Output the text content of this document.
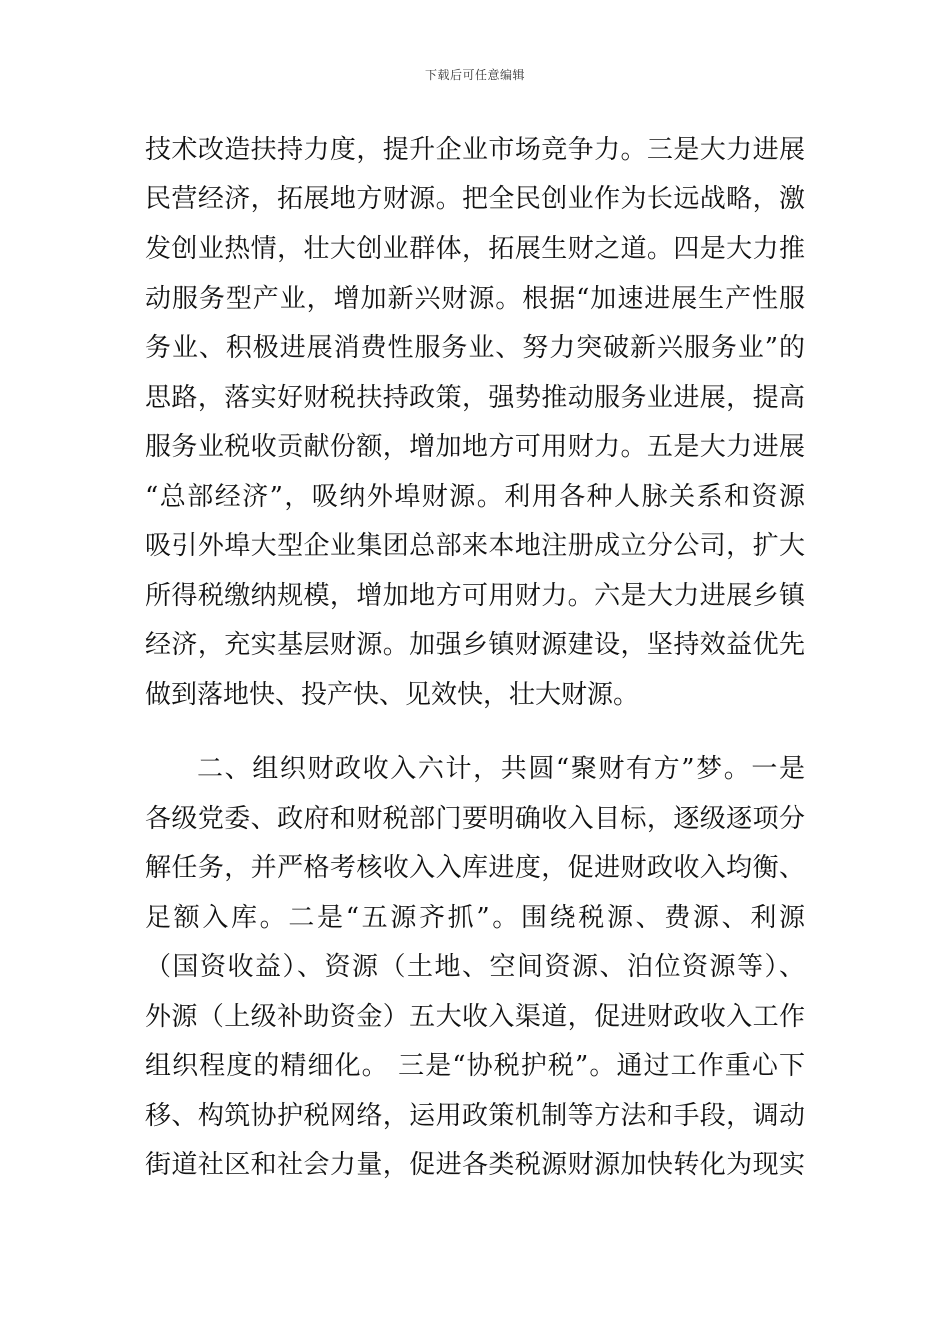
下载后可任意编辑
技术改造扶持力度，提升企业市场竞争力。三是大力进展
民营经济，拓展地方财源。把全民创业作为长远战略，激
发创业热情，壮大创业群体，拓展生财之道。四是大力推
动服务型产业，增加新兴财源。根据“加速进展生产性服
务业、积极进展消费性服务业、努力突破新兴服务业”的
思路，落实好财税扶持政策，强势推动服务业进展，提高
服务业税收贡献份额，增加地方可用财力。五是大力进展
“总部经济”，吸纳外埠财源。利用各种人脉关系和资源
吸引外埠大型企业集团总部来本地注册成立分公司，扩大
所得税缴纳规模，增加地方可用财力。六是大力进展乡镇
经济，充实基层财源。加强乡镇财源建设，坚持效益优先
做到落地快、投产快、见效快，壮大财源。
二、组织财政收入六计，共圆“聚财有方”梦。一是
各级党委、政府和财税部门要明确收入目标，逐级逐项分
解任务，并严格考核收入入库进度，促进财政收入均衡、
足额入库。二是“五源齐抓”。围绕税源、费源、利源
（国资收益）、资源（土地、空间资源、泊位资源等）、
外源（上级补助资金）五大收入渠道，促进财政收入工作
组织程度的精细化。 三是“协税护税”。通过工作重心下
移、构筑协护税网络，运用政策机制等方法和手段，调动
街道社区和社会力量，促进各类税源财源加快转化为现实
